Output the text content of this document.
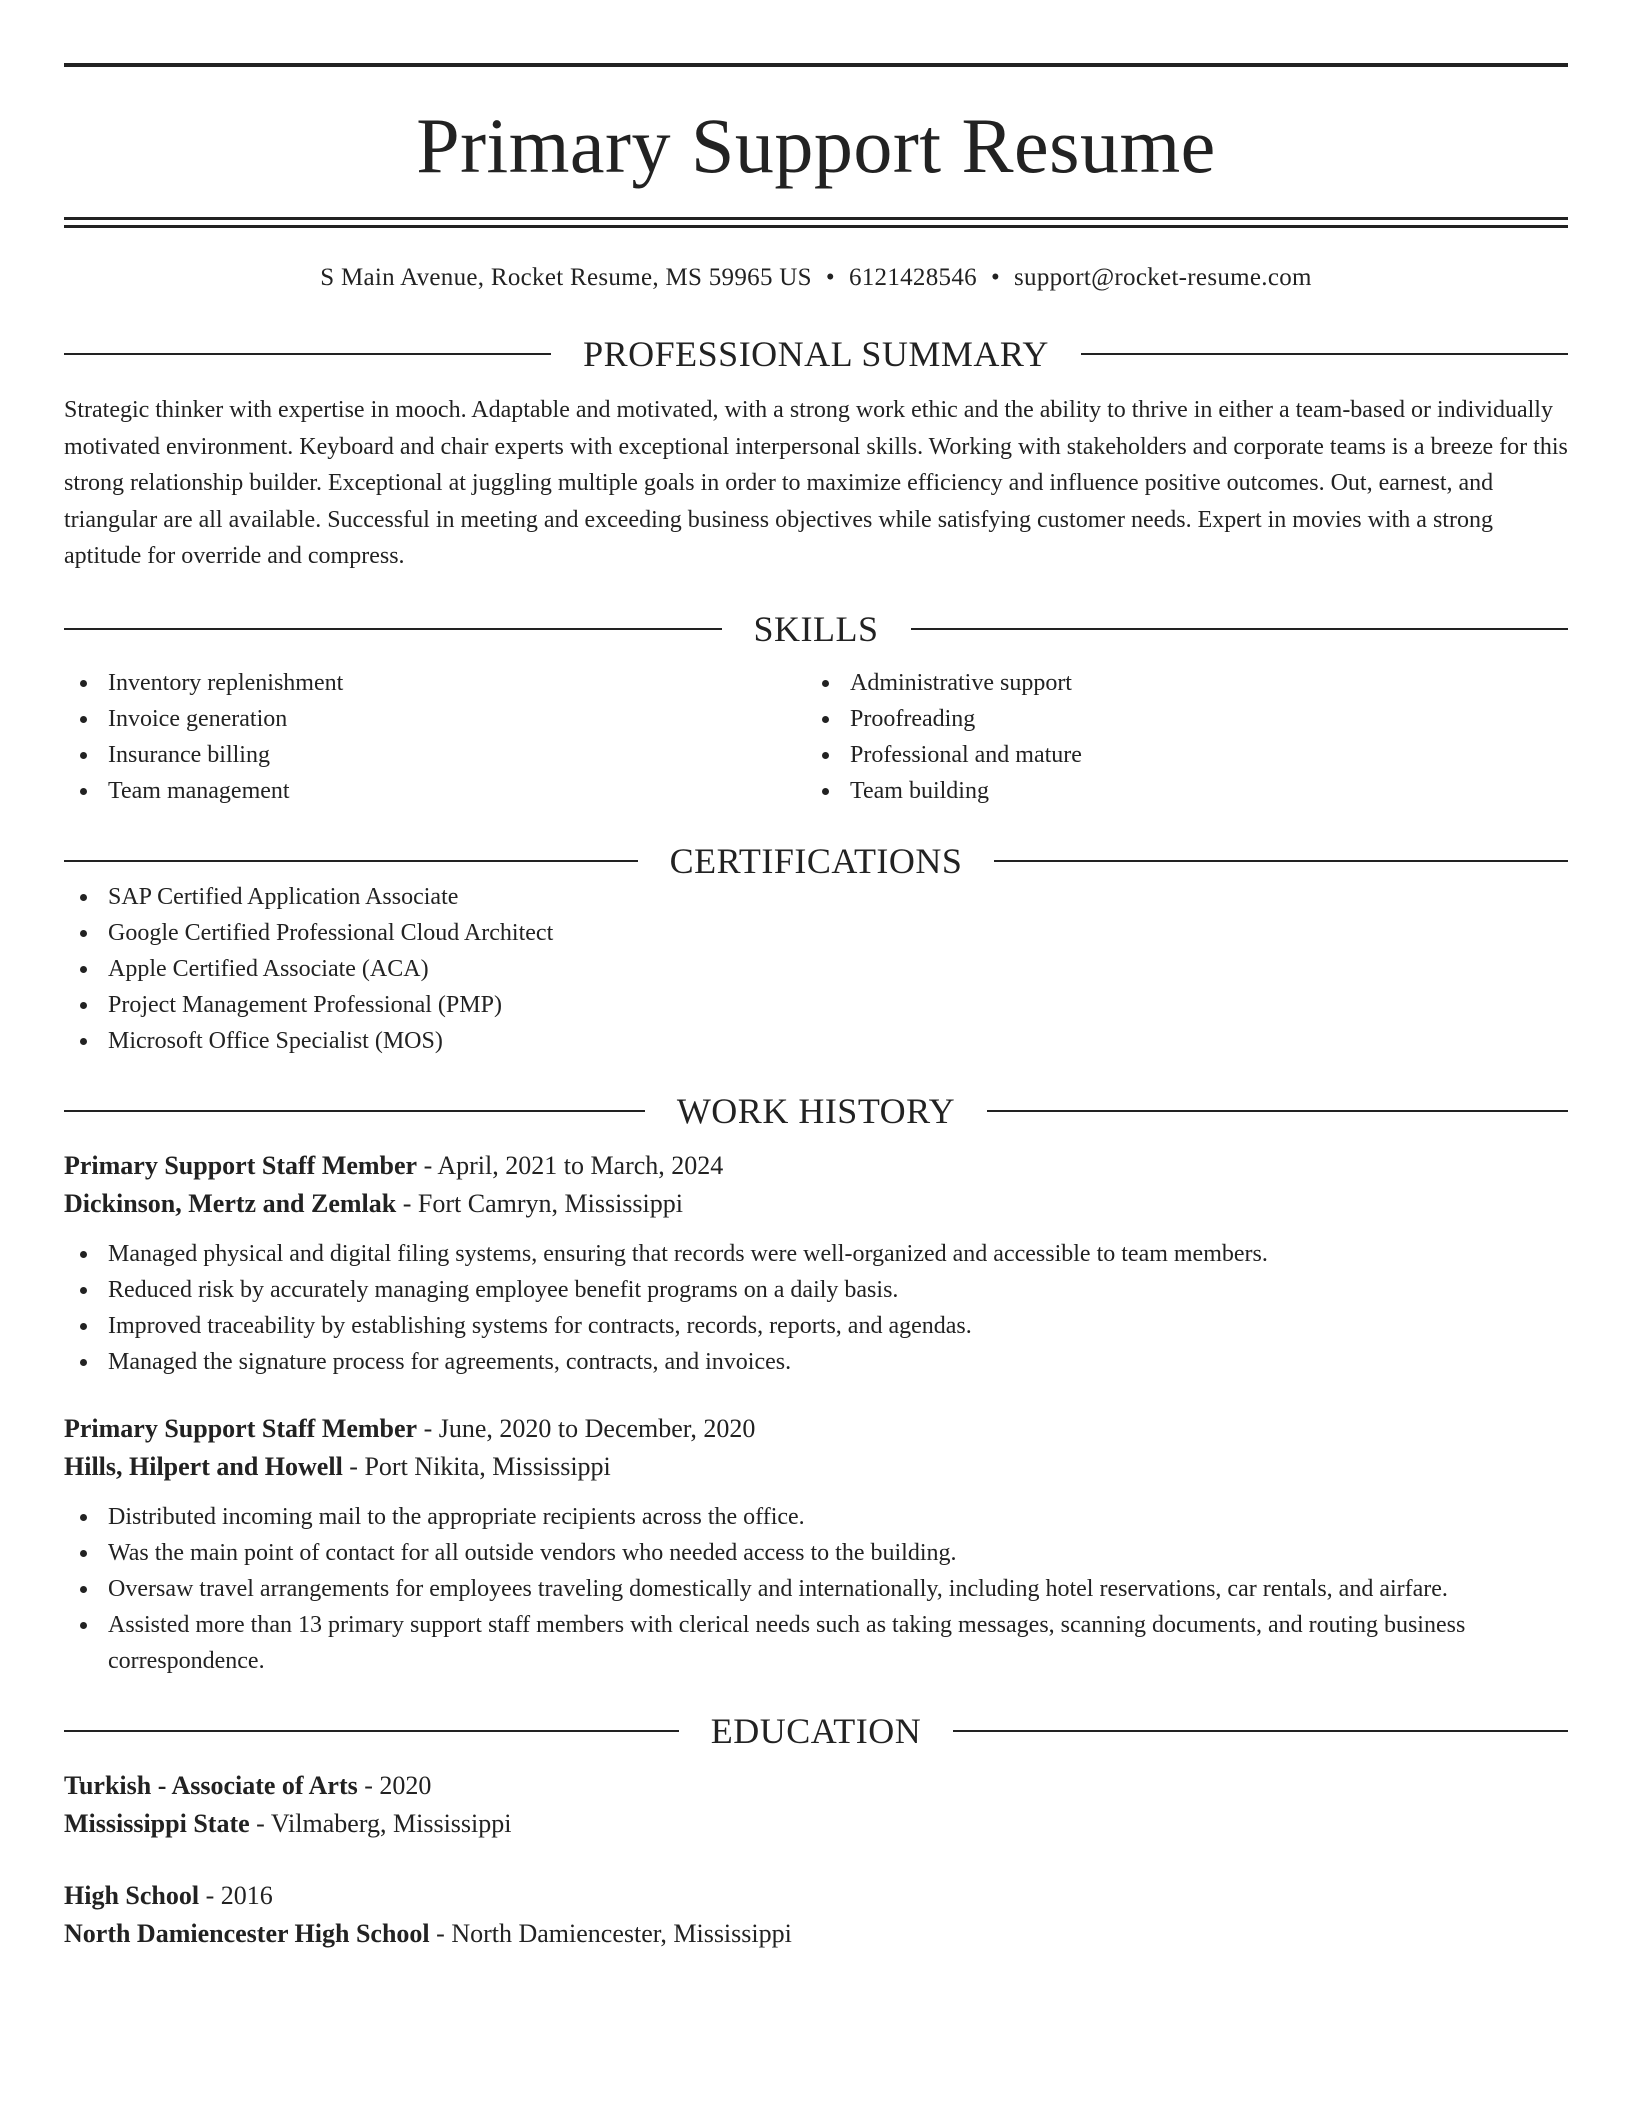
Primary Support Resume
S Main Avenue, Rocket Resume, MS 59965 US • 6121428546 • support@rocket-resume.com
PROFESSIONAL SUMMARY

Strategic thinker with expertise in mooch. Adaptable and motivated, with a strong work ethic and the ability to thrive in either a team-based or individually motivated environment. Keyboard and chair experts with exceptional interpersonal skills. Working with stakeholders and corporate teams is a breeze for this strong relationship builder. Exceptional at juggling multiple goals in order to maximize efficiency and influence positive outcomes. Out, earnest, and triangular are all available. Successful in meeting and exceeding business objectives while satisfying customer needs. Expert in movies with a strong aptitude for override and compress.

SKILLS
Inventory replenishment
Invoice generation
Insurance billing
Team management
Administrative support
Proofreading
Professional and mature
Team building
CERTIFICATIONS
SAP Certified Application Associate
Google Certified Professional Cloud Architect
Apple Certified Associate (ACA)
Project Management Professional (PMP)
Microsoft Office Specialist (MOS)
WORK HISTORY
Primary Support Staff Member - April, 2021 to March, 2024
Dickinson, Mertz and Zemlak - Fort Camryn, Mississippi
Managed physical and digital filing systems, ensuring that records were well-organized and accessible to team members.
Reduced risk by accurately managing employee benefit programs on a daily basis.
Improved traceability by establishing systems for contracts, records, reports, and agendas.
Managed the signature process for agreements, contracts, and invoices.
Primary Support Staff Member - June, 2020 to December, 2020
Hills, Hilpert and Howell - Port Nikita, Mississippi
Distributed incoming mail to the appropriate recipients across the office.
Was the main point of contact for all outside vendors who needed access to the building.
Oversaw travel arrangements for employees traveling domestically and internationally, including hotel reservations, car rentals, and airfare.
Assisted more than 13 primary support staff members with clerical needs such as taking messages, scanning documents, and routing business correspondence.
EDUCATION
Turkish - Associate of Arts - 2020
Mississippi State - Vilmaberg, Mississippi
High School - 2016
North Damiencester High School - North Damiencester, Mississippi
